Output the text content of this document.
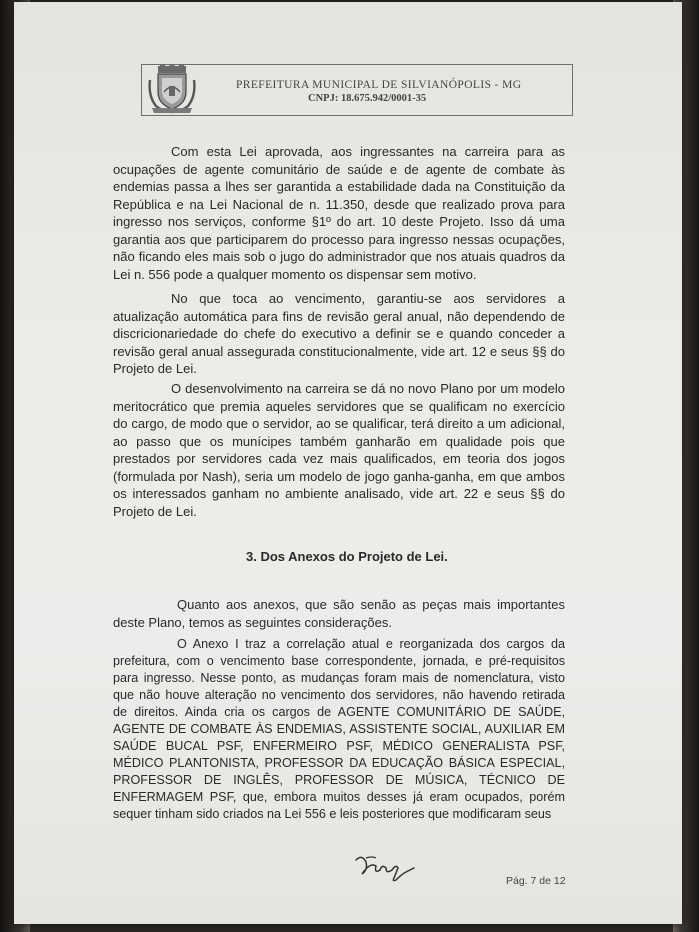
PREFEITURA MUNICIPAL DE SILVIANÓPOLIS - MG
CNPJ: 18.675.942/0001-35
Com esta Lei aprovada, aos ingressantes na carreira para as ocupações de agente comunitário de saúde e de agente de combate às endemias passa a lhes ser garantida a estabilidade dada na Constituição da República e na Lei Nacional de n. 11.350, desde que realizado prova para ingresso nos serviços, conforme §1º do art. 10 deste Projeto. Isso dá uma garantia aos que participarem do processo para ingresso nessas ocupações, não ficando eles mais sob o jugo do administrador que nos atuais quadros da Lei n. 556 pode a qualquer momento os dispensar sem motivo.
No que toca ao vencimento, garantiu-se aos servidores a atualização automática para fins de revisão geral anual, não dependendo de discricionariedade do chefe do executivo a definir se e quando conceder a revisão geral anual assegurada constitucionalmente, vide art. 12 e seus §§ do Projeto de Lei.
O desenvolvimento na carreira se dá no novo Plano por um modelo meritocrático que premia aqueles servidores que se qualificam no exercício do cargo, de modo que o servidor, ao se qualificar, terá direito a um adicional, ao passo que os munícipes também ganharão em qualidade pois que prestados por servidores cada vez mais qualificados, em teoria dos jogos (formulada por Nash), seria um modelo de jogo ganha-ganha, em que ambos os interessados ganham no ambiente analisado, vide art. 22 e seus §§ do Projeto de Lei.
3. Dos Anexos do Projeto de Lei.
Quanto aos anexos, que são senão as peças mais importantes deste Plano, temos as seguintes considerações.
O Anexo I traz a correlação atual e reorganizada dos cargos da prefeitura, com o vencimento base correspondente, jornada, e pré-requisitos para ingresso. Nesse ponto, as mudanças foram mais de nomenclatura, visto que não houve alteração no vencimento dos servidores, não havendo retirada de direitos. Ainda cria os cargos de AGENTE COMUNITÁRIO DE SAÚDE, AGENTE DE COMBATE ÀS ENDEMIAS, ASSISTENTE SOCIAL, AUXILIAR EM SAÚDE BUCAL PSF, ENFERMEIRO PSF, MÉDICO GENERALISTA PSF, MÉDICO PLANTONISTA, PROFESSOR DA EDUCAÇÃO BÁSICA ESPECIAL, PROFESSOR DE INGLÊS, PROFESSOR DE MÚSICA, TÉCNICO DE ENFERMAGEM PSF, que, embora muitos desses já eram ocupados, porém sequer tinham sido criados na Lei 556 e leis posteriores que modificaram seus
Pág. 7 de 12
